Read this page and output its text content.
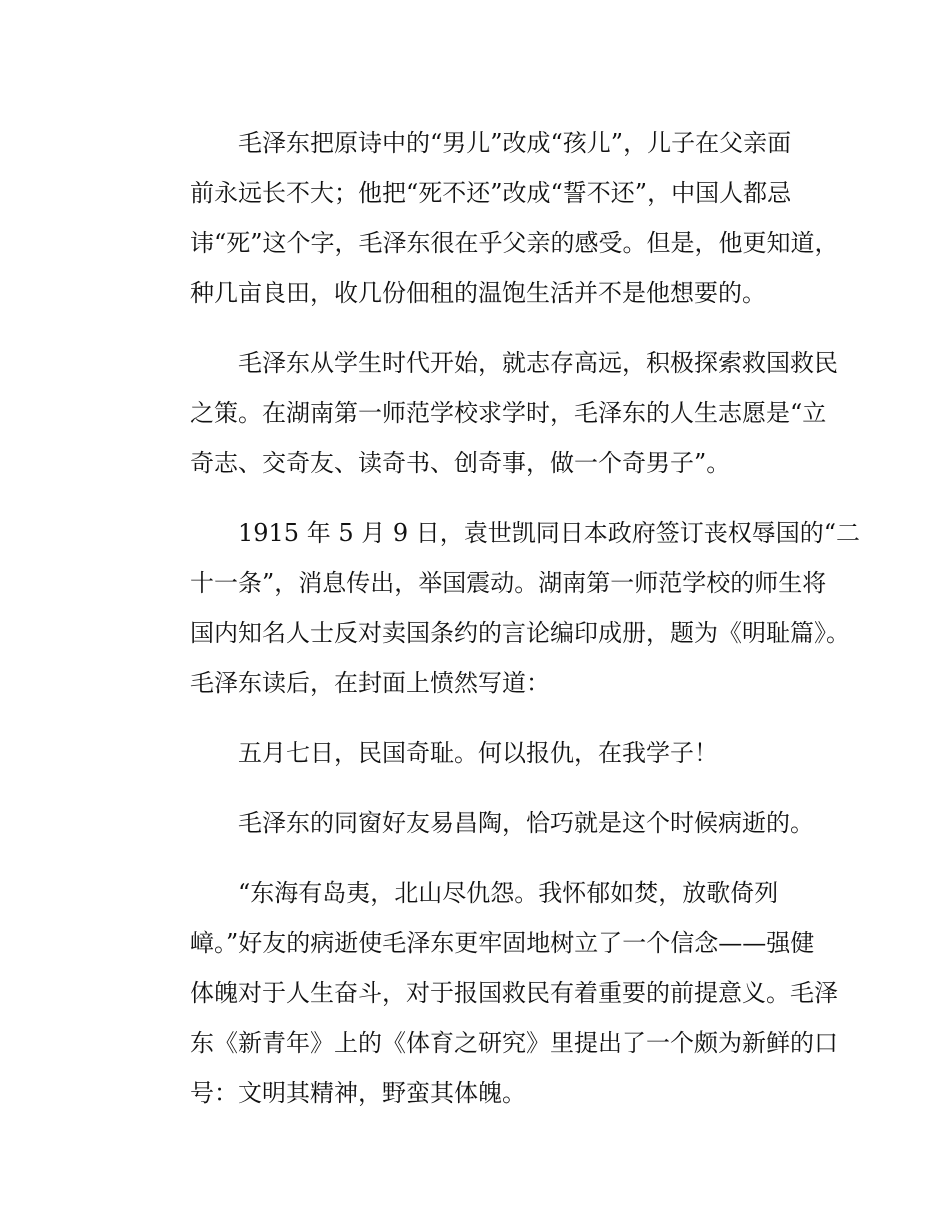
毛泽东把原诗中的“男儿”改成“孩儿”，儿子在父亲面
前永远长不大；他把“死不还”改成“誓不还”，中国人都忌
讳“死”这个字，毛泽东很在乎父亲的感受。但是，他更知道，
种几亩良田，收几份佃租的温饱生活并不是他想要的。
毛泽东从学生时代开始，就志存高远，积极探索救国救民
之策。在湖南第一师范学校求学时，毛泽东的人生志愿是“立
奇志、交奇友、读奇书、创奇事，做一个奇男子”。
1915 年 5 月 9 日，袁世凯同日本政府签订丧权辱国的“二
十一条”，消息传出，举国震动。湖南第一师范学校的师生将
国内知名人士反对卖国条约的言论编印成册，题为《明耻篇》。
毛泽东读后，在封面上愤然写道：
五月七日，民国奇耻。何以报仇，在我学子！
毛泽东的同窗好友易昌陶，恰巧就是这个时候病逝的。
“东海有岛夷，北山尽仇怨。我怀郁如焚，放歌倚列
嶂。”好友的病逝使毛泽东更牢固地树立了一个信念——强健
体魄对于人生奋斗，对于报国救民有着重要的前提意义。毛泽
东《新青年》上的《体育之研究》里提出了一个颇为新鲜的口
号：文明其精神，野蛮其体魄。
